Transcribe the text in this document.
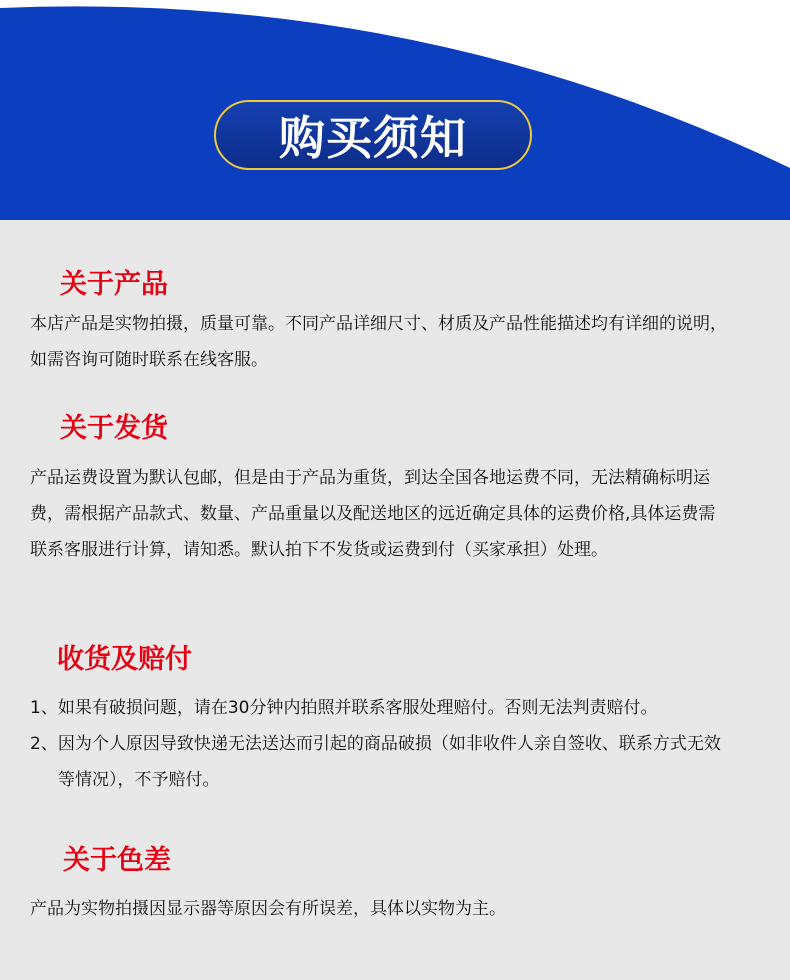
购买须知
关于产品

本店产品是实物拍摄，质量可靠。不同产品详细尺寸、材质及产品性能描述均有详细的说明，如需咨询可随时联系在线客服。

关于发货

产品运费设置为默认包邮，但是由于产品为重货，到达全国各地运费不同，无法精确标明运费，需根据产品款式、数量、产品重量以及配送地区的远近确定具体的运费价格,具体运费需联系客服进行计算，请知悉。默认拍下不发货或运费到付（买家承担）处理。

收货及赔付

1、如果有破损问题，请在30分钟内拍照并联系客服处理赔付。否则无法判责赔付。

2、因为个人原因导致快递无法送达而引起的商品破损（如非收件人亲自签收、联系方式无效等情况），不予赔付。

关于色差

产品为实物拍摄因显示器等原因会有所误差，具体以实物为主。
